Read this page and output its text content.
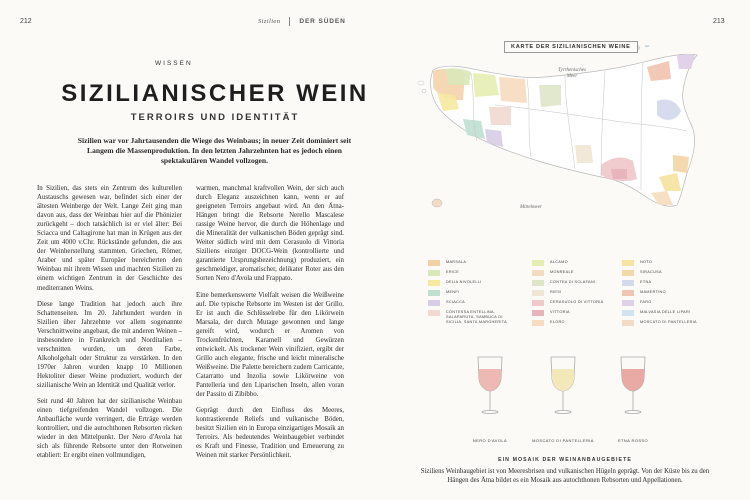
212	213
Sizilien	DER SÜDEN
WISSEN
SIZILIANISCHER WEIN
TERROIRS UND IDENTITÄT
Sizilien war vor Jahrtausenden die Wiege des Weinbaus; in neuer Zeit dominiert seit Langem die Massenproduktion. In den letzten Jahrzehnten hat es jedoch einen spektakulären Wandel vollzogen.

In Sizilien, das stets ein Zentrum des kulturellen Austauschs gewesen war, befindet sich einer der ältesten Weinberge der Welt. Lange Zeit ging man davon aus, dass der Weinbau hier auf die Phönizier zurückgeht – doch tatsächlich ist er viel älter: Bei Sciacca und Caltagirone hat man in Krügen aus der Zeit um 4000 v.Chr. Rückstände gefunden, die aus der Weinherstellung stammten. Griechen, Römer, Araber und später Europäer bereicherten den Weinbau mit ihrem Wissen und machten Sizilien zu einem wichtigen Zentrum in der Geschichte des mediterranen Weins.

Diese lange Tradition hat jedoch auch ihre Schattenseiten. Im 20. Jahrhundert wurden in Sizilien über Jahrzehnte vor allem sogenannte Verschnittweine angebaut, die mit anderen Weinen – insbesondere in Frankreich und Norditalien – verschnitten wurden, um deren Farbe, Alkoholgehalt oder Struktur zu verstärken. In den 1970er Jahren wurden knapp 10 Millionen Hektoliter dieser Weine produziert, wodurch der sizilianische Wein an Identität und Qualität verlor.

Seit rund 40 Jahren hat der sizilianische Weinbau einen tiefgreifenden Wandel vollzogen. Die Anbaufläche wurde verringert, die Erträge werden kontrolliert, und die autochthonen Rebsorten rücken wieder in den Mittelpunkt. Der Nero d'Avola hat sich als führende Rebsorte unter den Rotweinen etabliert: Er ergibt einen vollmundigen,

warmen, manchmal kraftvollen Wein, der sich auch durch Eleganz auszeichnen kann, wenn er auf geeigneten Terroirs angebaut wird. An den Ätna-Hängen bringt die Rebsorte Nerello Mascalese rassige Weine hervor, die durch die Höhenlage und die Mineralität der vulkanischen Böden geprägt sind. Weiter südlich wird mit dem Cerasuolo di Vittoria Siziliens einziger DOCG-Wein (kontrollierte und garantierte Ursprungsbezeichnung) produziert, ein geschmeidiger, aromatischer, delikater Roter aus den Sorten Nero d'Avola und Frappato.

Eine bemerkenswerte Vielfalt weisen die Weißweine auf. Die typische Rebsorte im Westen ist der Grillo. Er ist auch die Schlüsselrebe für den Likörwein Marsala, der durch Mutage gewonnen und lange gereift wird, wodurch er Aromen von Trockenfrüchten, Karamell und Gewürzen entwickelt. Als trockener Wein vinifiziert, ergibt der Grillo auch elegante, frische und leicht mineralische Weißweine. Die Palette bereichern zudem Carricante, Catarratto und Inzolia sowie Likörweine von Pantelleria und den Liparischen Inseln, allen voran der Passito di Zibibbo.

Geprägt durch den Einfluss des Meeres, kontrastierende Reliefs und vulkanische Böden, besitzt Sizilien ein in Europa einzigartiges Mosaik an Terroirs. Als bedeutendes Weinbaugebiet verbindet es Kraft und Finesse, Tradition und Erneuerung zu Weinen mit starker Persönlichkeit.

KARTE DER SIZILIANISCHEN WEINE
Tyrrhenisches
Meer
Mittelmeer
MARSALA
ERICE
DELIA NIVOLELLI
MENFI
SCIACCA
CONTESSA ENTELLINA, SALAPARUTA, SAMBUCA DI SICILIA, SANTA MARGHERITA
ALCAMO
MONREALE
CONTEA DI SCLAFANI
RIESI
CERASUOLO DI VITTORIA
VITTORIA
ELORO
NOTO
SIRACUSA
ETNA
MAMERTINO
FARO
MALVASIA DELLE LIPARI
MOSCATO DI PANTELLERIA
NERO D'AVOLA	MOSCATO DI PANTELLERIA	ETNA ROSSO
EIN MOSAIK DER WEINANBAUGEBIETE
Siziliens Weinbaugebiet ist von Meeresbrisen und vulkanischen Hügeln geprägt. Von der Küste bis zu den Hängen des Ätna bildet es ein Mosaik aus autochthonen Rebsorten und Appellationen.
